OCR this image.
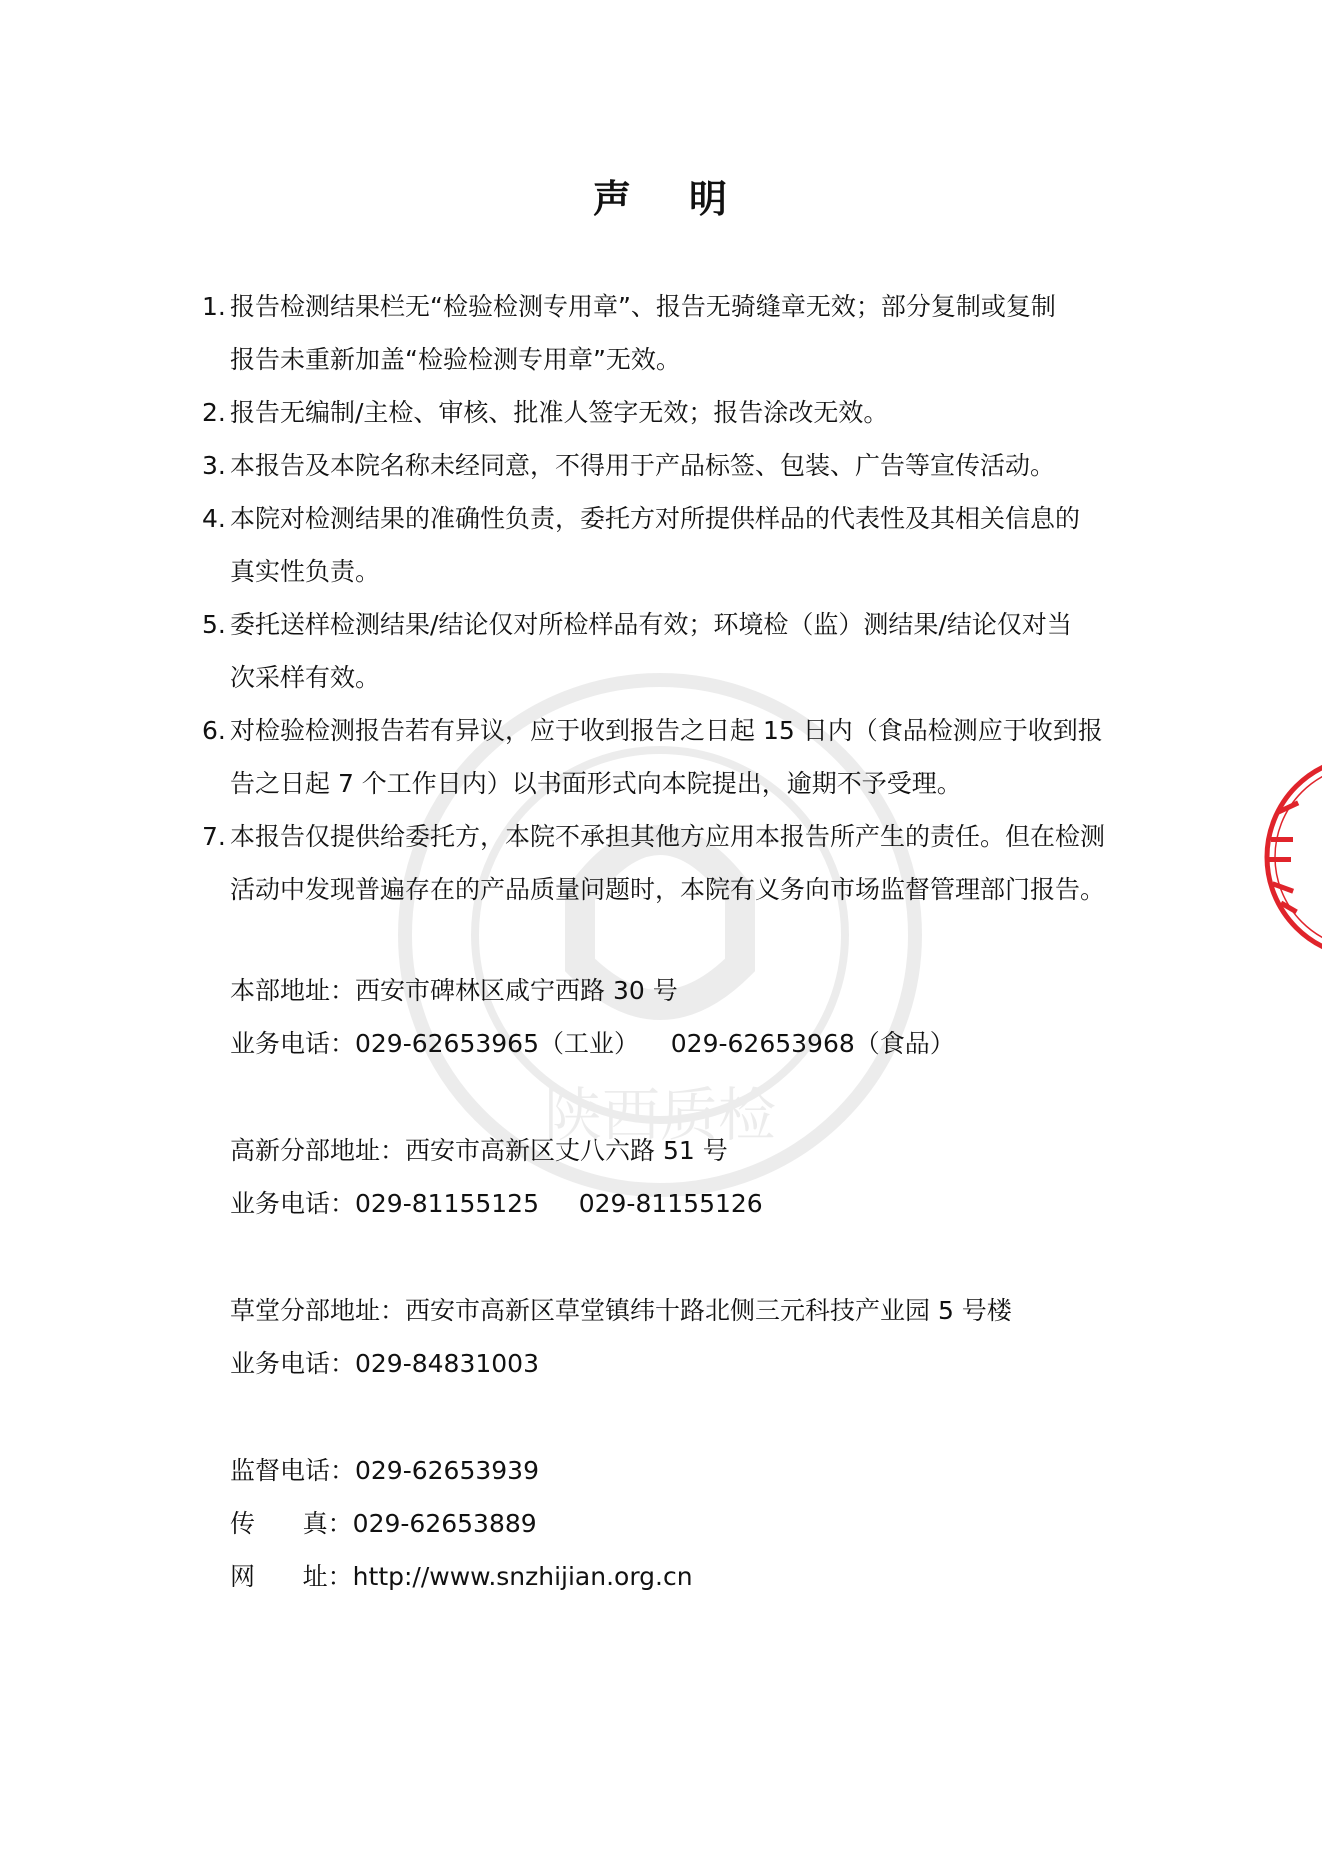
陕西质检
声 明
1. 报告检测结果栏无“检验检测专用章”、报告无骑缝章无效；部分复制或复制
报告未重新加盖“检验检测专用章”无效。
2. 报告无编制/主检、审核、批准人签字无效；报告涂改无效。
3. 本报告及本院名称未经同意，不得用于产品标签、包装、广告等宣传活动。
4. 本院对检测结果的准确性负责，委托方对所提供样品的代表性及其相关信息的
真实性负责。
5. 委托送样检测结果/结论仅对所检样品有效；环境检（监）测结果/结论仅对当
次采样有效。
6. 对检验检测报告若有异议，应于收到报告之日起 15 日内（食品检测应于收到报
告之日起 7 个工作日内）以书面形式向本院提出，逾期不予受理。
7. 本报告仅提供给委托方，本院不承担其他方应用本报告所产生的责任。但在检测
活动中发现普遍存在的产品质量问题时，本院有义务向市场监督管理部门报告。
本部地址：西安市碑林区咸宁西路 30 号
业务电话：029-62653965（工业）    029-62653968（食品）
高新分部地址：西安市高新区丈八六路 51 号
业务电话：029-81155125     029-81155126
草堂分部地址：西安市高新区草堂镇纬十路北侧三元科技产业园 5 号楼
业务电话：029-84831003
监督电话：029-62653939
传      真：029-62653889
网      址：http://www.snzhijian.org.cn
